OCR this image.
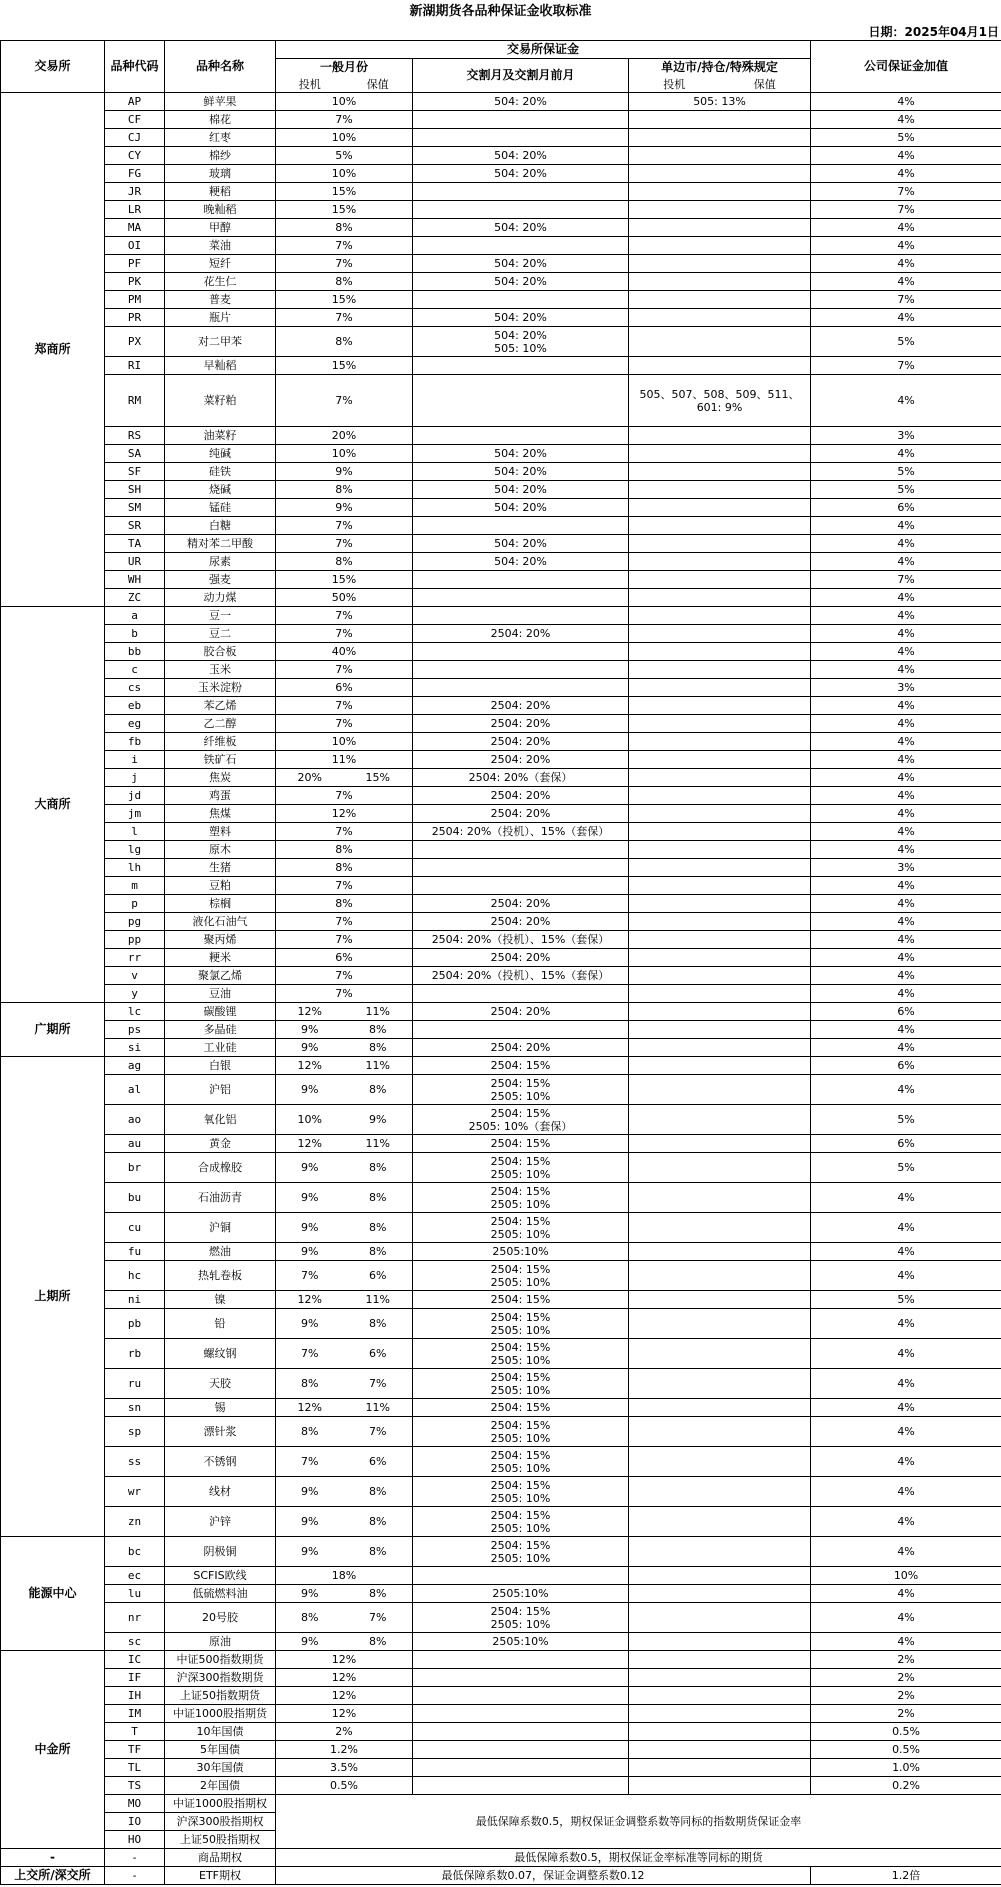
新湖期货各品种保证金收取标准
日期：2025年04月1日
交易所	品种代码	品种名称	交易所保证金					公司保证金加值
			一般月份		交割月及交割月前月	单边市/持仓/特殊规定		
			投机	保值		投机	保值	
郑商所	AP	鲜苹果	10%		504: 20%	505: 13%		4%
	CF	棉花	7%					4%
	CJ	红枣	10%					5%
	CY	棉纱	5%		504: 20%			4%
	FG	玻璃	10%		504: 20%			4%
	JR	粳稻	15%					7%
	LR	晚籼稻	15%					7%
	MA	甲醇	8%		504: 20%			4%
	OI	菜油	7%					4%
	PF	短纤	7%		504: 20%			4%
	PK	花生仁	8%		504: 20%			4%
	PM	普麦	15%					7%
	PR	瓶片	7%		504: 20%			4%
	PX	对二甲苯	8%		504: 20%
505: 10%			5%
	RI	早籼稻	15%					7%
	RM	菜籽粕	7%			505、507、508、509、511、
601: 9%		4%
	RS	油菜籽	20%					3%
	SA	纯碱	10%		504: 20%			4%
	SF	硅铁	9%		504: 20%			5%
	SH	烧碱	8%		504: 20%			5%
	SM	锰硅	9%		504: 20%			6%
	SR	白糖	7%					4%
	TA	精对苯二甲酸	7%		504: 20%			4%
	UR	尿素	8%		504: 20%			4%
	WH	强麦	15%					7%
	ZC	动力煤	50%					4%
大商所	a	豆一	7%					4%
	b	豆二	7%		2504: 20%			4%
	bb	胶合板	40%					4%
	c	玉米	7%					4%
	cs	玉米淀粉	6%					3%
	eb	苯乙烯	7%		2504: 20%			4%
	eg	乙二醇	7%		2504: 20%			4%
	fb	纤维板	10%		2504: 20%			4%
	i	铁矿石	11%		2504: 20%			4%
	j	焦炭	20%	15%	2504: 20%（套保）			4%
	jd	鸡蛋	7%		2504: 20%			4%
	jm	焦煤	12%		2504: 20%			4%
	l	塑料	7%		2504: 20%（投机）、15%（套保）			4%
	lg	原木	8%					4%
	lh	生猪	8%					3%
	m	豆粕	7%					4%
	p	棕榈	8%		2504: 20%			4%
	pg	液化石油气	7%		2504: 20%			4%
	pp	聚丙烯	7%		2504: 20%（投机）、15%（套保）			4%
	rr	粳米	6%		2504: 20%			4%
	v	聚氯乙烯	7%		2504: 20%（投机）、15%（套保）			4%
	y	豆油	7%					4%
广期所	lc	碳酸锂	12%	11%	2504: 20%			6%
	ps	多晶硅	9%	8%				4%
	si	工业硅	9%	8%	2504: 20%			4%
上期所	ag	白银	12%	11%	2504: 15%			6%
	al	沪铝	9%	8%	2504: 15%
2505: 10%			4%
	ao	氧化铝	10%	9%	2504: 15%
2505: 10%（套保）			5%
	au	黄金	12%	11%	2504: 15%			6%
	br	合成橡胶	9%	8%	2504: 15%
2505: 10%			5%
	bu	石油沥青	9%	8%	2504: 15%
2505: 10%			4%
	cu	沪铜	9%	8%	2504: 15%
2505: 10%			4%
	fu	燃油	9%	8%	2505:10%			4%
	hc	热轧卷板	7%	6%	2504: 15%
2505: 10%			4%
	ni	镍	12%	11%	2504: 15%			5%
	pb	铅	9%	8%	2504: 15%
2505: 10%			4%
	rb	螺纹钢	7%	6%	2504: 15%
2505: 10%			4%
	ru	天胶	8%	7%	2504: 15%
2505: 10%			4%
	sn	锡	12%	11%	2504: 15%			4%
	sp	漂针浆	8%	7%	2504: 15%
2505: 10%			4%
	ss	不锈钢	7%	6%	2504: 15%
2505: 10%			4%
	wr	线材	9%	8%	2504: 15%
2505: 10%			4%
	zn	沪锌	9%	8%	2504: 15%
2505: 10%			4%
能源中心	bc	阴极铜	9%	8%	2504: 15%
2505: 10%			4%
	ec	SCFIS欧线	18%					10%
	lu	低硫燃料油	9%	8%	2505:10%			4%
	nr	20号胶	8%	7%	2504: 15%
2505: 10%			4%
	sc	原油	9%	8%	2505:10%			4%
中金所	IC	中证500指数期货	12%					2%
	IF	沪深300指数期货	12%					2%
	IH	上证50指数期货	12%					2%
	IM	中证1000股指期货	12%					2%
	T	10年国债	2%					0.5%
	TF	5年国债	1.2%					0.5%
	TL	30年国债	3.5%					1.0%
	TS	2年国债	0.5%					0.2%
	MO	中证1000股指期权	最低保障系数0.5，期权保证金调整系数等同标的指数期货保证金率					
	IO	沪深300股指期权						
	HO	上证50股指期权						
-	-	商品期权	最低保障系数0.5，期权保证金率标准等同标的期货					
上交所/深交所	-	ETF期权	最低保障系数0.07，保证金调整系数0.12					1.2倍
